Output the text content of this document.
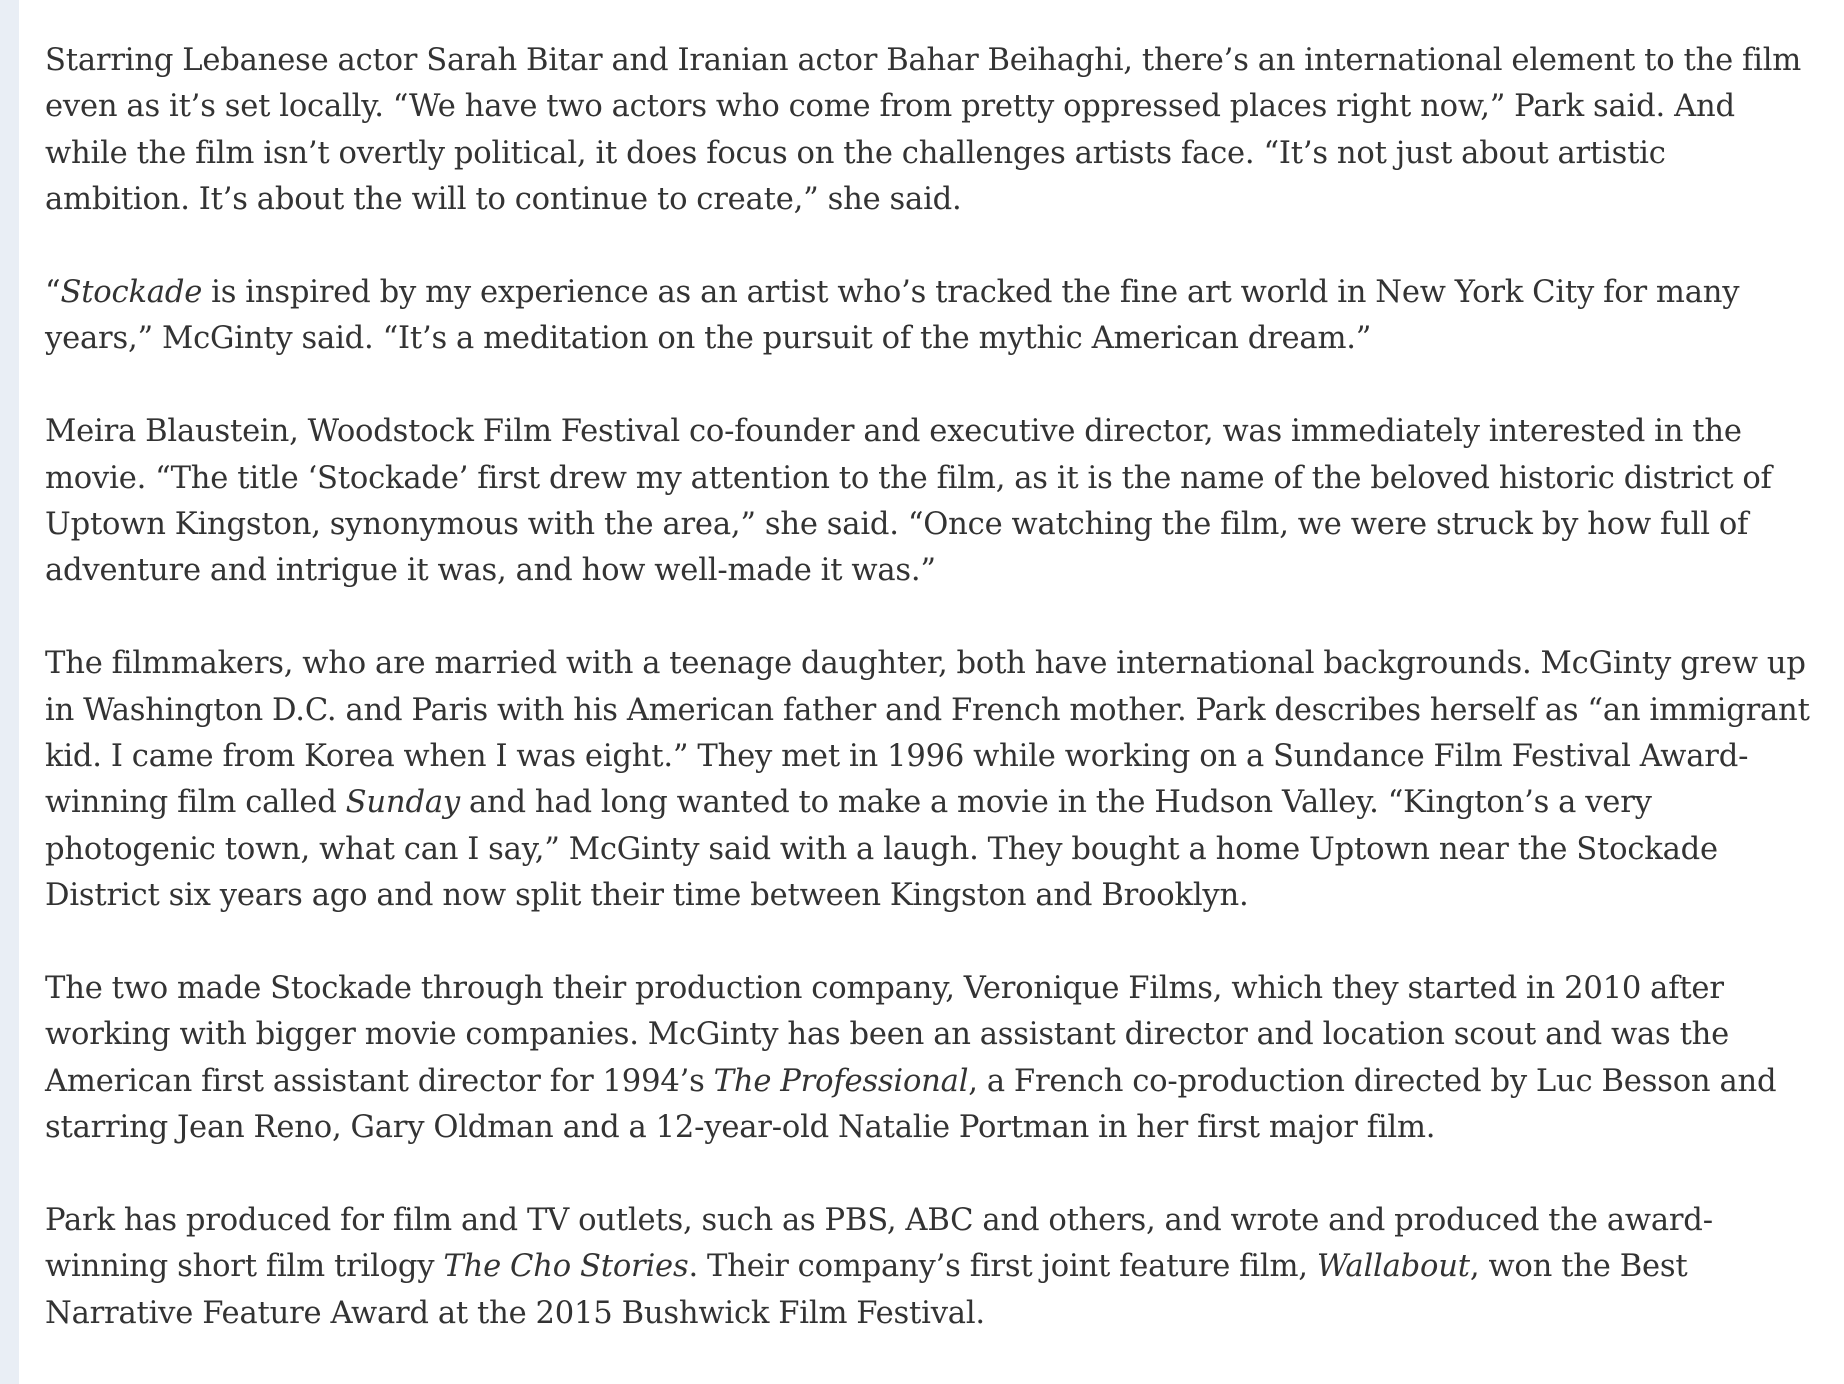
Starring Lebanese actor Sarah Bitar and Iranian actor Bahar Beihaghi, there’s an international element to the film even as it’s set locally. “We have two actors who come from pretty oppressed places right now,” Park said. And while the film isn’t overtly political, it does focus on the challenges artists face. “It’s not just about artistic ambition. It’s about the will to continue to create,” she said.

“Stockade is inspired by my experience as an artist who’s tracked the fine art world in New York City for many years,” McGinty said. “It’s a meditation on the pursuit of the mythic American dream.”

Meira Blaustein, Woodstock Film Festival co-founder and executive director, was immediately interested in the movie. “The title ‘Stockade’ first drew my attention to the film, as it is the name of the beloved historic district of Uptown Kingston, synonymous with the area,” she said. “Once watching the film, we were struck by how full of adventure and intrigue it was, and how well-made it was.”

The filmmakers, who are married with a teenage daughter, both have international backgrounds. McGinty grew up in Washington D.C. and Paris with his American father and French mother. Park describes herself as “an immigrant kid. I came from Korea when I was eight.” They met in 1996 while working on a Sundance Film Festival Award-winning film called Sunday and had long wanted to make a movie in the Hudson Valley. “Kington’s a very photogenic town, what can I say,” McGinty said with a laugh. They bought a home Uptown near the Stockade District six years ago and now split their time between Kingston and Brooklyn.

The two made Stockade through their production company, Veronique Films, which they started in 2010 after working with bigger movie companies. McGinty has been an assistant director and location scout and was the American first assistant director for 1994’s The Professional, a French co-production directed by Luc Besson and starring Jean Reno, Gary Oldman and a 12-year-old Natalie Portman in her first major film.

Park has produced for film and TV outlets, such as PBS, ABC and others, and wrote and produced the award-winning short film trilogy The Cho Stories. Their company’s first joint feature film, Wallabout, won the Best Narrative Feature Award at the 2015 Bushwick Film Festival.
